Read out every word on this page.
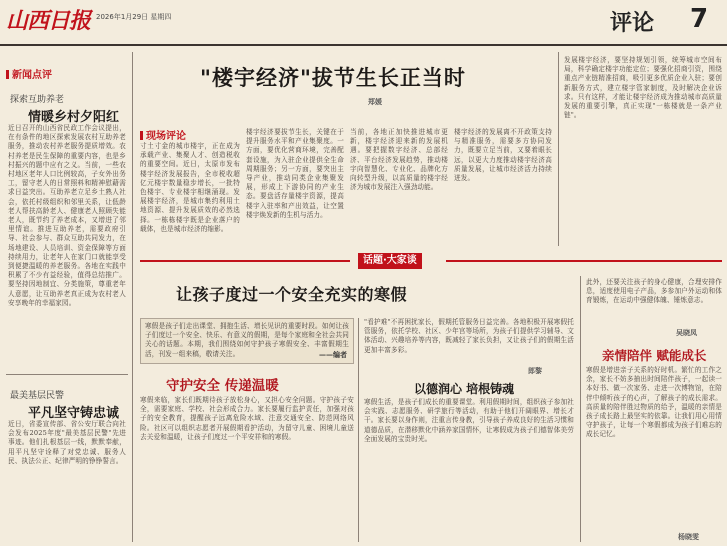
山西日报 2026年1月29日 星期四	评论 7
新闻点评
探索互助养老
情暖乡村夕阳红
近日召开的山西省民政工作会议提出，在有条件的地区探索发展农村互助养老服务，推动农村养老服务提质增效。农村养老是民生保障的重要内容，也是乡村振兴的题中应有之义。当前，一些农村地区老年人口比例较高，子女外出务工，留守老人的日常照料和精神慰藉需求日益突出。互助养老立足乡土熟人社会，依托村级组织和邻里关系，让低龄老人帮扶高龄老人、健康老人照顾失能老人，既节约了养老成本，又增进了邻里情谊。推进互助养老，需要政府引导、社会参与、群众互助共同发力，在场地建设、人员培训、资金保障等方面持续用力，让老年人在家门口就能享受到便捷温暖的养老服务。各地在实践中积累了不少有益经验，值得总结推广。要坚持因地制宜、分类施策，尊重老年人意愿，让互助养老真正成为农村老人安享晚年的幸福家园。
最美基层民警
平凡坚守铸忠诚
近日，省委宣传部、省公安厅联合向社会发布2025年度"最美基层民警"先进事迹。他们扎根基层一线，默默奉献，用平凡坚守诠释了对党忠诚、服务人民、执法公正、纪律严明的铮铮誓言。
"楼宇经济"拔节生长正当时
郑媛
现场评论
寸土寸金的城市楼宇，正在成为承载产业、集聚人才、创造税收的重要空间。近日，太原市发布楼宇经济发展报告，全市税收超亿元楼宇数量稳步增长，一批特色楼宇、专业楼宇相继涌现。发展楼宇经济，是城市集约利用土地资源、提升发展质效的必然选择。一栋栋楼宇既是企业落户的载体，也是城市经济的缩影。
楼宇经济要拔节生长，关键在于提升服务水平和产业集聚度。一方面，要优化营商环境，完善配套设施，为入驻企业提供全生命周期服务；另一方面，要突出主导产业，推动同类企业集聚发展，形成上下游协同的产业生态。要盘活存量楼宇资源，提高楼宇入驻率和产出效益，让空置楼宇焕发新的生机与活力。
当前，各地正加快推进城市更新，楼宇经济迎来新的发展机遇。要把握数字经济、总部经济、平台经济发展趋势，推动楼宇向智慧化、专业化、品牌化方向转型升级，以高质量的楼宇经济为城市发展注入强劲动能。
楼宇经济的发展离不开政策支持与精准服务，需要多方协同发力，既要立足当前，又要着眼长远，以更大力度推动楼宇经济高质量发展，让城市经济活力持续迸发。
发展楼宇经济，要坚持规划引领，统筹城市空间布局，科学确定楼宇功能定位；要强化招商引资，围绕重点产业链精准招商，吸引更多优质企业入驻；要创新服务方式，建立楼宇管家制度，及时解决企业诉求。只有这样，才能让楼宇经济成为推动城市高质量发展的重要引擎，真正实现"一栋楼就是一条产业链"。
话题·大家谈
让孩子度过一个安全充实的寒假
寒假是孩子们走出课堂、拥抱生活、增长见识的重要时段。如何让孩子们度过一个安全、快乐、有意义的假期，是每个家庭和全社会共同关心的话题。本期，我们围绕如何守护孩子寒假安全、丰富假期生活，刊发一组来稿，敬请关注。	——编者
守护安全 传递温暖
寒假来临，家长们既期待孩子放松身心，又担心安全问题。守护孩子安全，需要家庭、学校、社会形成合力。家长要履行监护责任，加强对孩子的安全教育，提醒孩子远离危险水域、注意交通安全、防范网络风险。社区可以组织志愿者开展假期看护活动，为留守儿童、困境儿童送去关爱和温暖，让孩子们度过一个平安祥和的寒假。
"看护难"不再困扰家长，假期托管服务日益完善。各地积极开展寒假托管服务，依托学校、社区、少年宫等场所，为孩子们提供学习辅导、文体活动、兴趣培养等内容，既减轻了家长负担，又让孩子们的假期生活更加丰富多彩。
郎黎
以德润心 培根铸魂
寒假生活，是孩子们成长的重要课堂。利用假期时间，组织孩子参加社会实践、志愿服务、研学旅行等活动，有助于他们开阔眼界、增长才干。家长要以身作则，注重言传身教，引导孩子养成良好的生活习惯和道德品质，在潜移默化中涵养家国情怀，让寒假成为孩子们德智体美劳全面发展的宝贵时光。
此外，还要关注孩子的身心健康，合理安排作息，适度使用电子产品，多参加户外运动和体育锻炼，在运动中强健体魄、锤炼意志。
吴晓凤
亲情陪伴 赋能成长
寒假是增进亲子关系的好时机。繁忙的工作之余，家长不妨多抽出时间陪伴孩子，一起读一本好书、做一次家务、走进一次博物馆，在陪伴中倾听孩子的心声，了解孩子的成长需求。高质量的陪伴胜过物质的给予，温暖的亲情是孩子成长路上最坚实的依靠。让我们用心用情守护孩子，让每一个寒假都成为孩子们难忘的成长记忆。
杨晓雯
